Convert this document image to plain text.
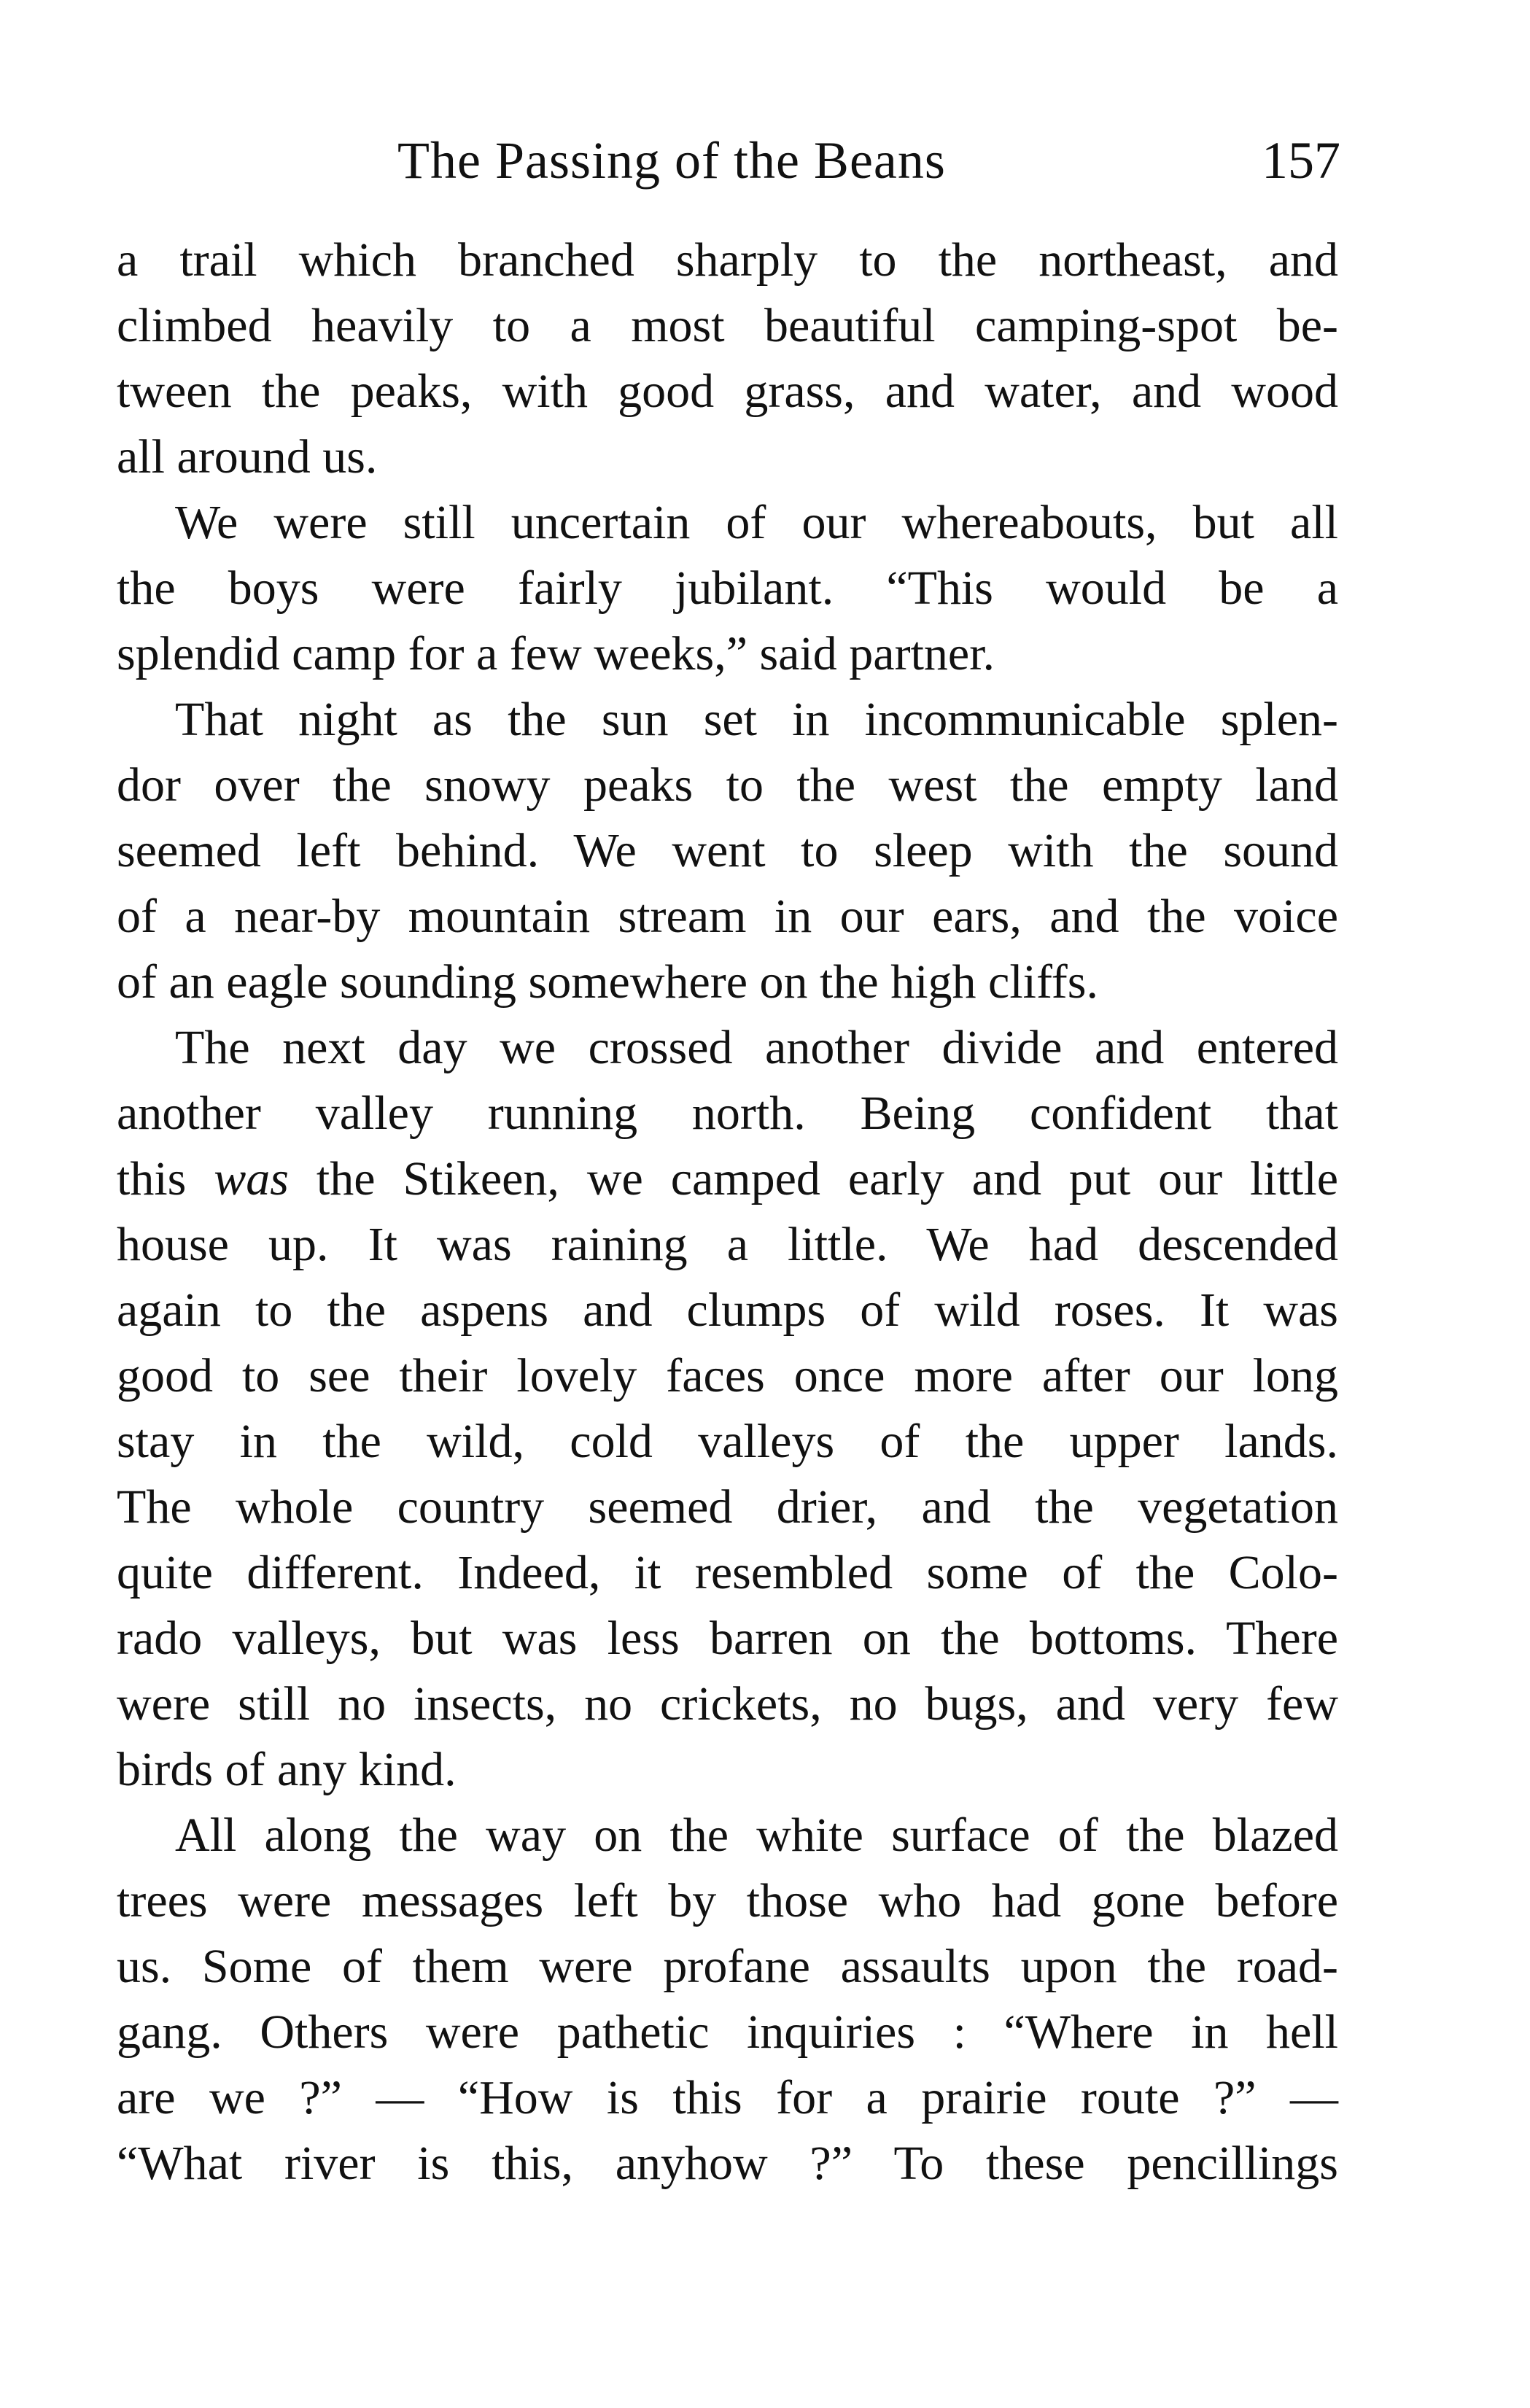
The Passing of the Beans	157
a trail which branched sharply to the northeast, and
climbed heavily to a most beautiful camping-spot be-
tween the peaks, with good grass, and water, and wood
all around us.
We were still uncertain of our whereabouts, but all
the boys were fairly jubilant. “This would be a
splendid camp for a few weeks,” said partner.
That night as the sun set in incommunicable splen-
dor over the snowy peaks to the west the empty land
seemed left behind. We went to sleep with the sound
of a near-by mountain stream in our ears, and the voice
of an eagle sounding somewhere on the high cliffs.
The next day we crossed another divide and entered
another valley running north. Being confident that
this was the Stikeen, we camped early and put our little
house up. It was raining a little. We had descended
again to the aspens and clumps of wild roses. It was
good to see their lovely faces once more after our long
stay in the wild, cold valleys of the upper lands.
The whole country seemed drier, and the vegetation
quite different. Indeed, it resembled some of the Colo-
rado valleys, but was less barren on the bottoms. There
were still no insects, no crickets, no bugs, and very few
birds of any kind.
All along the way on the white surface of the blazed
trees were messages left by those who had gone before
us. Some of them were profane assaults upon the road-
gang. Others were pathetic inquiries : “Where in hell
are we ?” — “How is this for a prairie route ?” —
“What river is this, anyhow ?” To these pencillings
